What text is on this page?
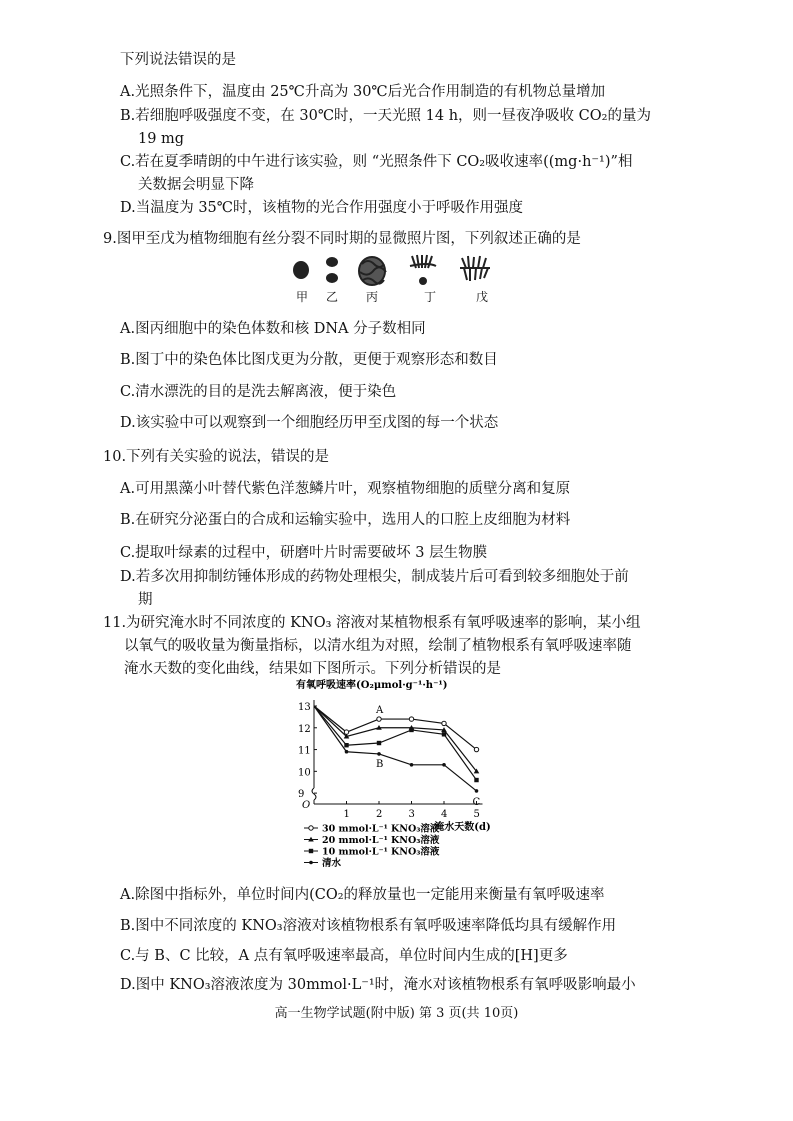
下列说法错误的是
A.光照条件下，温度由 25℃升高为 30℃后光合作用制造的有机物总量增加
B.若细胞呼吸强度不变，在 30℃时，一天光照 14 h，则一昼夜净吸收 CO₂的量为
19 mg
C.若在夏季晴朗的中午进行该实验，则 “光照条件下 CO₂吸收速率((mg·h⁻¹)”相
关数据会明显下降
D.当温度为 35℃时，该植物的光合作用强度小于呼吸作用强度
9.图甲至戊为植物细胞有丝分裂不同时期的显微照片图，下列叙述正确的是
甲 乙 丙	丁	戊
A.图丙细胞中的染色体数和核 DNA 分子数相同
B.图丁中的染色体比图戊更为分散，更便于观察形态和数目
C.清水漂洗的目的是洗去解离液，便于染色
D.该实验中可以观察到一个细胞经历甲至戊图的每一个状态
10.下列有关实验的说法，错误的是
A.可用黑藻小叶替代紫色洋葱鳞片叶，观察植物细胞的质壁分离和复原
B.在研究分泌蛋白的合成和运输实验中，选用人的口腔上皮细胞为材料
C.提取叶绿素的过程中，研磨叶片时需要破坏 3 层生物膜
D.若多次用抑制纺锤体形成的药物处理根尖，制成装片后可看到较多细胞处于前
期
11.为研究淹水时不同浓度的 KNO₃ 溶液对某植物根系有氧呼吸速率的影响，某小组
以氧气的吸收量为衡量指标，以清水组为对照，绘制了植物根系有氧呼吸速率随
淹水天数的变化曲线，结果如下图所示。下列分析错误的是
有氧呼吸速率(O₂μmol·g⁻¹·h⁻¹)
O
13
12
11
10
9
1	2	3	4	5
淹水天数(d)
A
B
C
30 mmol·L⁻¹ KNO₃溶液
20 mmol·L⁻¹ KNO₃溶液
10 mmol·L⁻¹ KNO₃溶液
清水
A.除图中指标外，单位时间内(CO₂的释放量也一定能用来衡量有氧呼吸速率
B.图中不同浓度的 KNO₃溶液对该植物根系有氧呼吸速率降低均具有缓解作用
C.与 B、C 比较，A 点有氧呼吸速率最高，单位时间内生成的[H]更多
D.图中 KNO₃溶液浓度为 30mmol·L⁻¹时，淹水对该植物根系有氧呼吸影响最小
高一生物学试题(附中版) 第 3 页(共 10页)
